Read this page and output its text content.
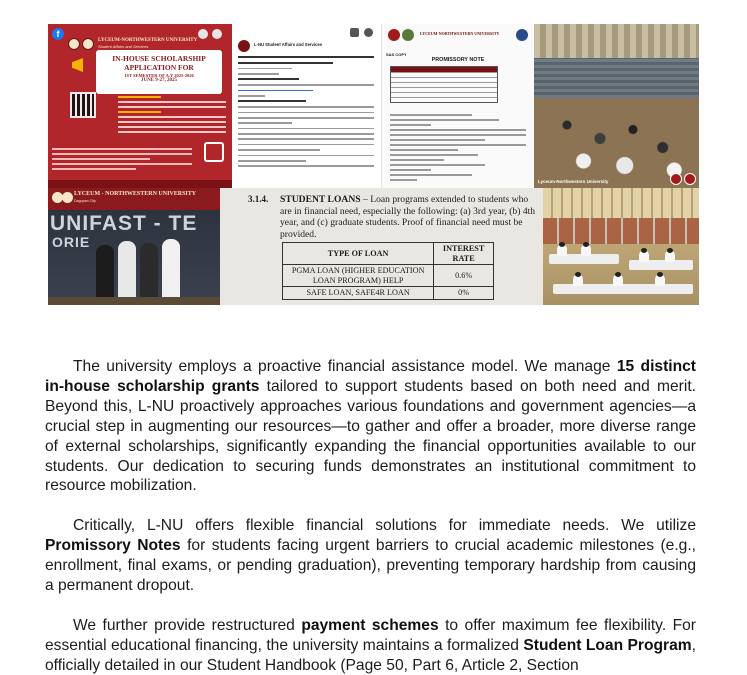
f
LYCEUM-NORTHWESTERN UNIVERSITY
Student Affairs and Services
IN-HOUSE SCHOLARSHIP
APPLICATION FOR
1ST SEMESTER OF A.Y 2025-2026
JUNE 9-27, 2025
L-NU Student Affairs and Services
LYCEUM-NORTHWESTERN UNIVERSITY
SAS COPY
PROMISSORY NOTE
Lyceum-Northwestern University
LYCEUM - NORTHWESTERN UNIVERSITY
Dagupan City
UNIFAST - TE
ORIE
3.1.4. STUDENT LOANS – Loan programs extended to students who are in financial need, especially the following: (a) 3rd year, (b) 4th year, and (c) graduate students. Proof of financial need must be provided.
TYPE OF LOAN	INTEREST RATE
PGMA LOAN (HIGHER EDUCATION LOAN PROGRAM) HELP	0.6%
SAFE LOAN, SAFE4R LOAN	0%

The university employs a proactive financial assistance model. We manage 15 distinct in-house scholarship grants tailored to support students based on both need and merit. Beyond this, L-NU proactively approaches various foundations and government agencies—a crucial step in augmenting our resources—to gather and offer a broader, more diverse range of external scholarships, significantly expanding the financial opportunities available to our students. Our dedication to securing funds demonstrates an institutional commitment to resource mobilization.

Critically, L-NU offers flexible financial solutions for immediate needs. We utilize Promissory Notes for students facing urgent barriers to crucial academic milestones (e.g., enrollment, final exams, or pending graduation), preventing temporary hardship from causing a permanent dropout.

We further provide restructured payment schemes to offer maximum fee flexibility. For essential educational financing, the university maintains a formalized Student Loan Program, officially detailed in our Student Handbook (Page 50, Part 6, Article 2, Section
